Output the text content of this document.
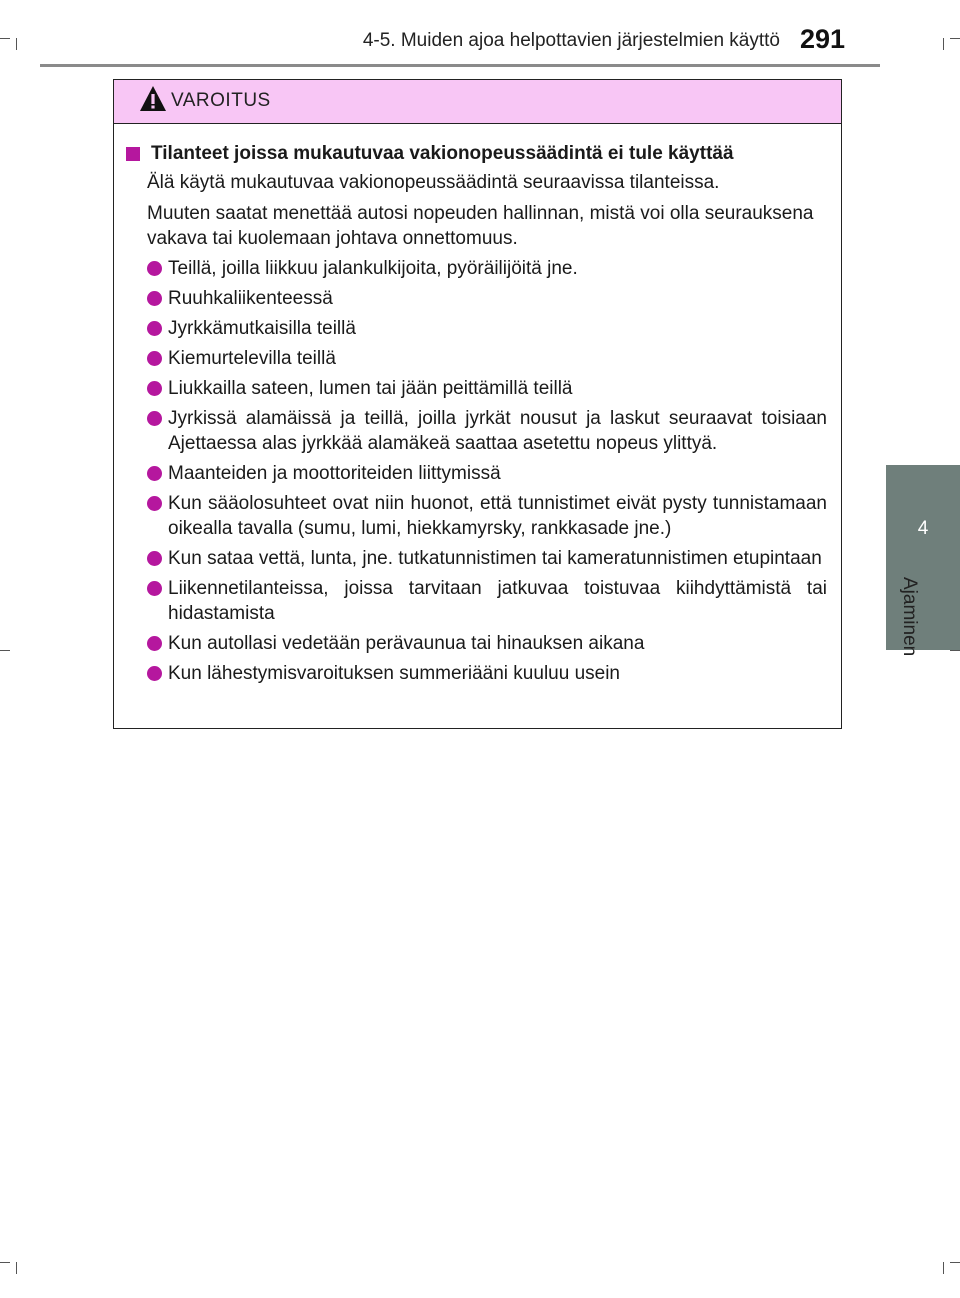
4-5. Muiden ajoa helpottavien järjestelmien käyttö 291
4
Ajaminen
VAROITUS
Tilanteet joissa mukautuvaa vakionopeussäädintä ei tule käyttää
Älä käytä mukautuvaa vakionopeussäädintä seuraavissa tilanteissa.
Muuten saatat menettää autosi nopeuden hallinnan, mistä voi olla seurauksena vakava tai kuolemaan johtava onnettomuus.
Teillä, joilla liikkuu jalankulkijoita, pyöräilijöitä jne.
Ruuhkaliikenteessä
Jyrkkämutkaisilla teillä
Kiemurtelevilla teillä
Liukkailla sateen, lumen tai jään peittämillä teillä
Jyrkissä alamäissä ja teillä, joilla jyrkät nousut ja laskut seuraavat toisiaan Ajettaessa alas jyrkkää alamäkeä saattaa asetettu nopeus ylittyä.
Maanteiden ja moottoriteiden liittymissä
Kun sääolosuhteet ovat niin huonot, että tunnistimet eivät pysty tunnistamaan oikealla tavalla (sumu, lumi, hiekkamyrsky, rankkasade jne.)
Kun sataa vettä, lunta, jne. tutkatunnistimen tai kameratunnistimen etupintaan
Liikennetilanteissa, joissa tarvitaan jatkuvaa toistuvaa kiihdyttämistä tai hidastamista
Kun autollasi vedetään perävaunua tai hinauksen aikana
Kun lähestymisvaroituksen summeriääni kuuluu usein
